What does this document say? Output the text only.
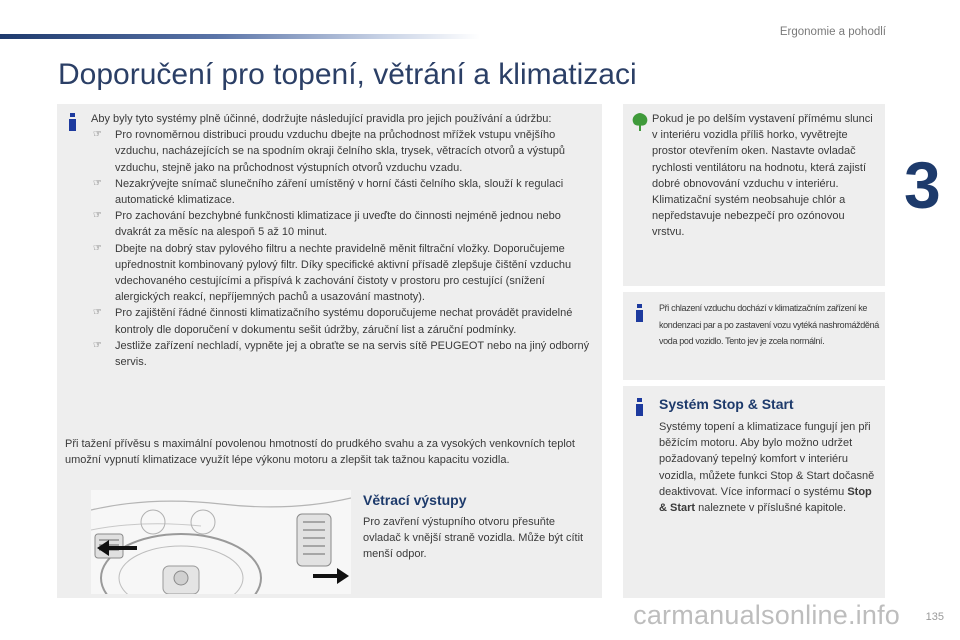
Ergonomie a pohodlí
3
Doporučení pro topení, větrání a klimatizaci

Aby byly tyto systémy plně účinné, dodržujte následující pravidla pro jejich používání a údržbu:

☞ Pro rovnoměrnou distribuci proudu vzduchu dbejte na průchodnost mřížek vstupu vnějšího vzduchu, nacházejících se na spodním okraji čelního skla, trysek, větracích otvorů a výstupů vzduchu, stejně jako na průchodnost výstupních otvorů vzduchu vzadu.
☞ Nezakrývejte snímač slunečního záření umístěný v horní části čelního skla, slouží k regulaci automatické klimatizace.
☞ Pro zachování bezchybné funkčnosti klimatizace ji uveďte do činnosti nejméně jednou nebo dvakrát za měsíc na alespoň 5 až 10 minut.
☞ Dbejte na dobrý stav pylového filtru a nechte pravidelně měnit filtrační vložky. Doporučujeme upřednostnit kombinovaný pylový filtr. Díky specifické aktivní přísadě zlepšuje čištění vzduchu vdechovaného cestujícími a přispívá k zachování čistoty v prostoru pro cestující (snížení alergických reakcí, nepříjemných pachů a usazování mastnoty).
☞ Pro zajištění řádné činnosti klimatizačního systému doporučujeme nechat provádět pravidelné kontroly dle doporučení v dokumentu sešit údržby, záruční list a záruční podmínky.
☞ Jestliže zařízení nechladí, vypněte jej a obraťte se na servis sítě PEUGEOT nebo na jiný odborný servis.

Při tažení přívěsu s maximální povolenou hmotností do prudkého svahu a za vysokých venkovních teplot umožní vypnutí klimatizace využít lépe výkonu motoru a zlepšit tak tažnou kapacitu vozidla.

Větrací výstupy

Pro zavření výstupního otvoru přesuňte ovladač k vnější straně vozidla. Může být cítit menší odpor.

Pokud je po delším vystavení přímému slunci v interiéru vozidla příliš horko, vyvětrejte prostor otevřením oken. Nastavte ovladač rychlosti ventilátoru na hodnotu, která zajistí dobré obnovování vzduchu v interiéru. Klimatizační systém neobsahuje chlór a nepředstavuje nebezpečí pro ozónovou vrstvu.

Při chlazení vzduchu dochází v klimatizačním zařízení ke kondenzaci par a po zastavení vozu vytéká nashromážděná voda pod vozidlo. Tento jev je zcela normální.

Systém Stop & Start

Systémy topení a klimatizace fungují jen při běžícím motoru. Aby bylo možno udržet požadovaný tepelný komfort v interiéru vozidla, můžete funkci Stop & Start dočasně deaktivovat. Více informací o systému Stop & Start naleznete v příslušné kapitole.

135
carmanualsonline.info
